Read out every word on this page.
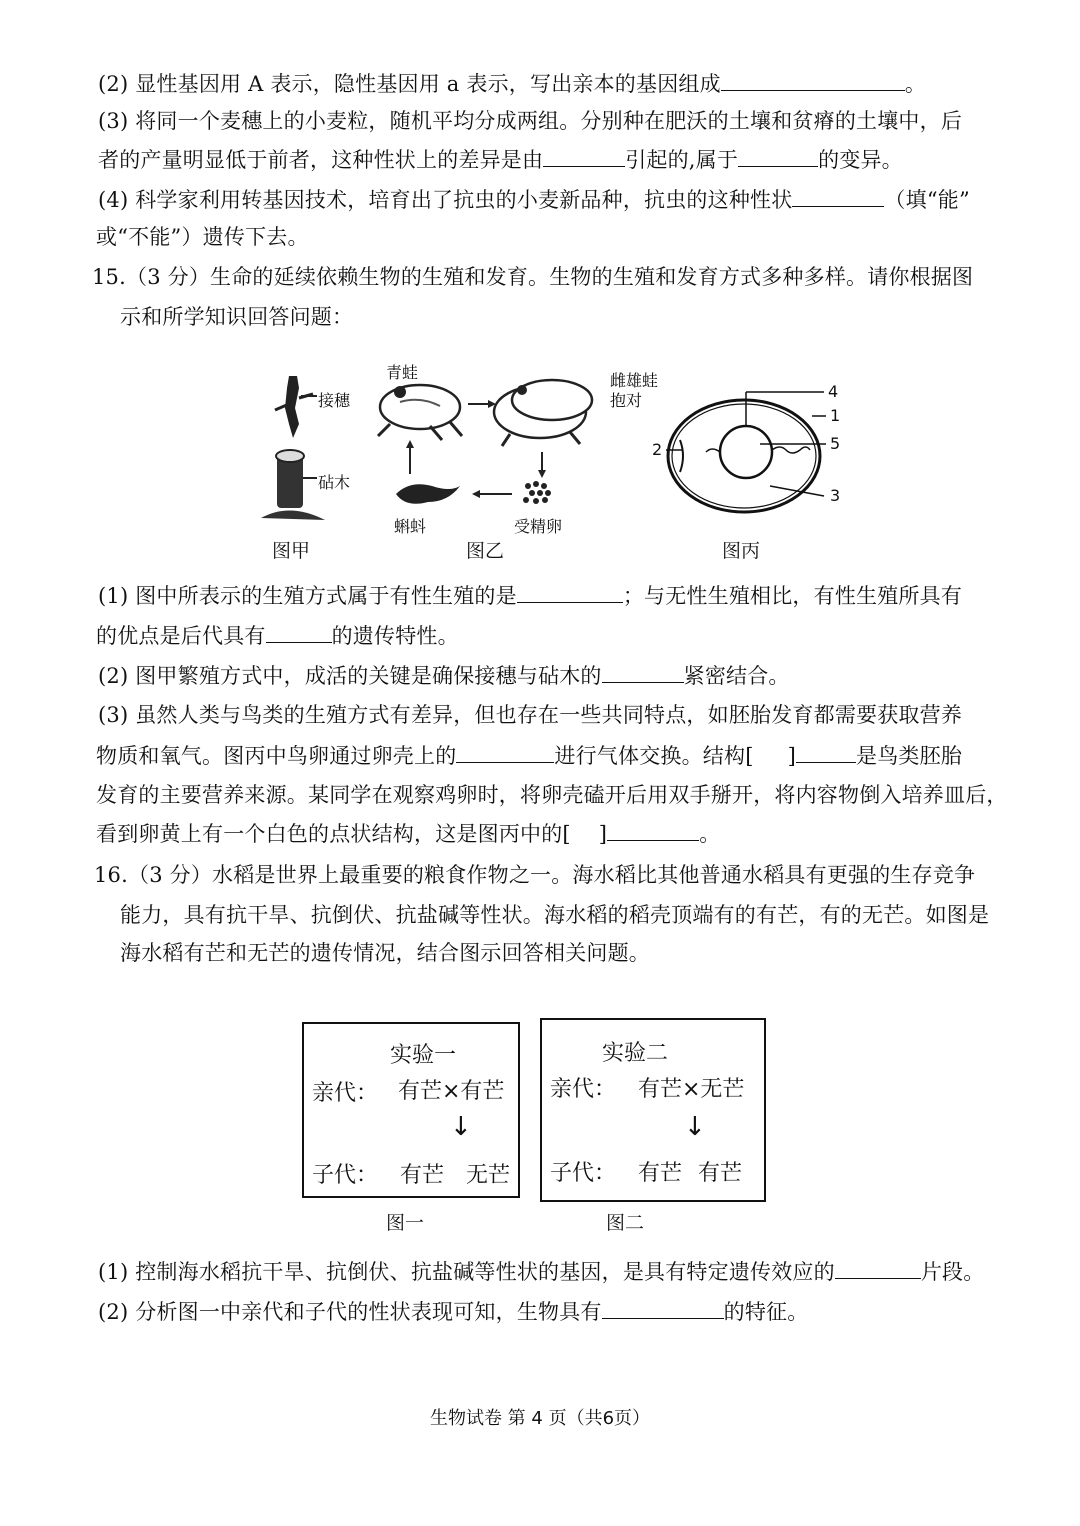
(2) 显性基因用 A 表示，隐性基因用 a 表示，写出亲本的基因组成	。
(3) 将同一个麦穗上的小麦粒，随机平均分成两组。分别种在肥沃的土壤和贫瘠的土壤中，后
者的产量明显低于前者，这种性状上的差异是由	引起的,属于	的变异。
(4) 科学家利用转基因技术，培育出了抗虫的小麦新品种，抗虫的这种性状	（填“能”
或“不能”）遗传下去。
15.（3 分）生命的延续依赖生物的生殖和发育。生物的生殖和发育方式多种多样。请你根据图
示和所学知识回答问题：
接穗
砧木
图甲
青蛙	雌雄蛙
抱对
蝌蚪	受精卵
图乙
4
1
5
2
3
图丙
(1) 图中所表示的生殖方式属于有性生殖的是	；与无性生殖相比，有性生殖所具有
的优点是后代具有	的遗传特性。
(2) 图甲繁殖方式中，成活的关键是确保接穗与砧木的	紧密结合。
(3) 虽然人类与鸟类的生殖方式有差异，但也存在一些共同特点，如胚胎发育都需要获取营养
物质和氧气。图丙中鸟卵通过卵壳上的	进行气体交换。结构[ ]	是鸟类胚胎
发育的主要营养来源。某同学在观察鸡卵时，将卵壳磕开后用双手掰开，将内容物倒入培养皿后，
看到卵黄上有一个白色的点状结构，这是图丙中的[ ]	。
16.（3 分）水稻是世界上最重要的粮食作物之一。海水稻比其他普通水稻具有更强的生存竞争
能力，具有抗干旱、抗倒伏、抗盐碱等性状。海水稻的稻壳顶端有的有芒，有的无芒。如图是
海水稻有芒和无芒的遗传情况，结合图示回答相关问题。
实验一
亲代： 有芒×有芒
↓
子代： 有芒 无芒
图一
实验二
亲代： 有芒×无芒
↓
子代： 有芒 有芒
图二
(1) 控制海水稻抗干旱、抗倒伏、抗盐碱等性状的基因，是具有特定遗传效应的	片段。
(2) 分析图一中亲代和子代的性状表现可知，生物具有	的特征。
生物试卷 第 4 页（共6页）
